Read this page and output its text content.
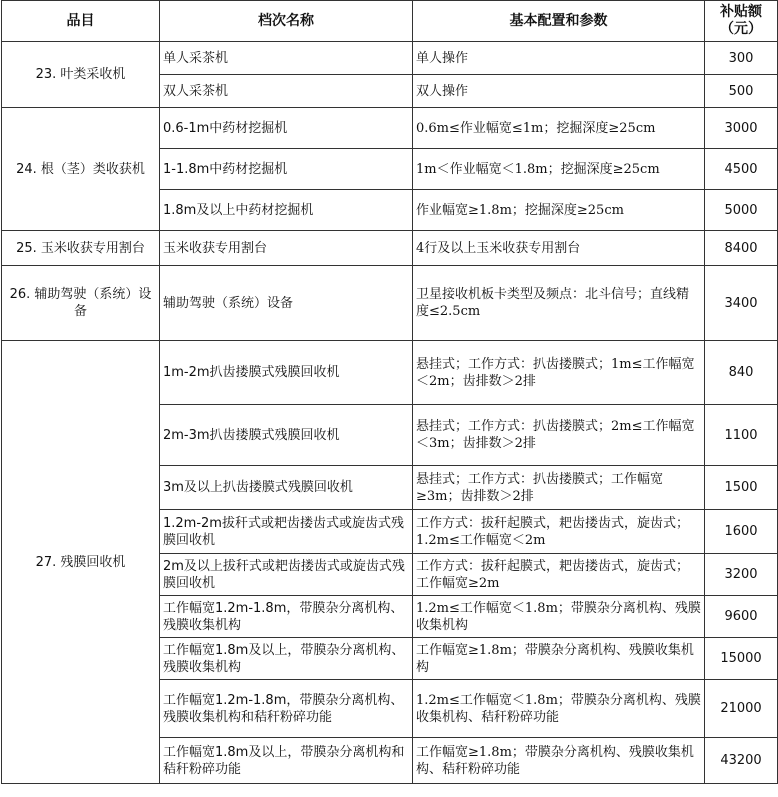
品目	档次名称	基本配置和参数	补贴额（元）
23. 叶类采收机	单人采茶机	单人操作	300
	双人采茶机	双人操作	500
24. 根（茎）类收获机	0.6-1m中药材挖掘机	0.6m≤作业幅宽≤1m；挖掘深度≥25cm	3000
	1-1.8m中药材挖掘机	1m＜作业幅宽＜1.8m；挖掘深度≥25cm	4500
	1.8m及以上中药材挖掘机	作业幅宽≥1.8m；挖掘深度≥25cm	5000
25. 玉米收获专用割台	玉米收获专用割台	4行及以上玉米收获专用割台	8400
26. 辅助驾驶（系统）设备	辅助驾驶（系统）设备	卫星接收机板卡类型及频点：北斗信号；直线精度≤2.5cm	3400
27. 残膜回收机	1m-2m扒齿搂膜式残膜回收机	悬挂式；工作方式：扒齿搂膜式；1m≤工作幅宽＜2m；齿排数＞2排	840
	2m-3m扒齿搂膜式残膜回收机	悬挂式；工作方式：扒齿搂膜式；2m≤工作幅宽＜3m；齿排数＞2排	1100
	3m及以上扒齿搂膜式残膜回收机	悬挂式；工作方式：扒齿搂膜式；工作幅宽≥3m；齿排数＞2排	1500
	1.2m-2m拔秆式或耙齿搂齿式或旋齿式残膜回收机	工作方式：拔秆起膜式，耙齿搂齿式，旋齿式；1.2m≤工作幅宽＜2m	1600
	2m及以上拔秆式或耙齿搂齿式或旋齿式残膜回收机	工作方式：拔秆起膜式，耙齿搂齿式，旋齿式；工作幅宽≥2m	3200
	工作幅宽1.2m-1.8m，带膜杂分离机构、残膜收集机构	1.2m≤工作幅宽＜1.8m；带膜杂分离机构、残膜收集机构	9600
	工作幅宽1.8m及以上，带膜杂分离机构、残膜收集机构	工作幅宽≥1.8m；带膜杂分离机构、残膜收集机构	15000
	工作幅宽1.2m-1.8m，带膜杂分离机构、残膜收集机构和秸秆粉碎功能	1.2m≤工作幅宽＜1.8m；带膜杂分离机构、残膜收集机构、秸秆粉碎功能	21000
	工作幅宽1.8m及以上，带膜杂分离机构和秸秆粉碎功能	工作幅宽≥1.8m；带膜杂分离机构、残膜收集机构、秸秆粉碎功能	43200
